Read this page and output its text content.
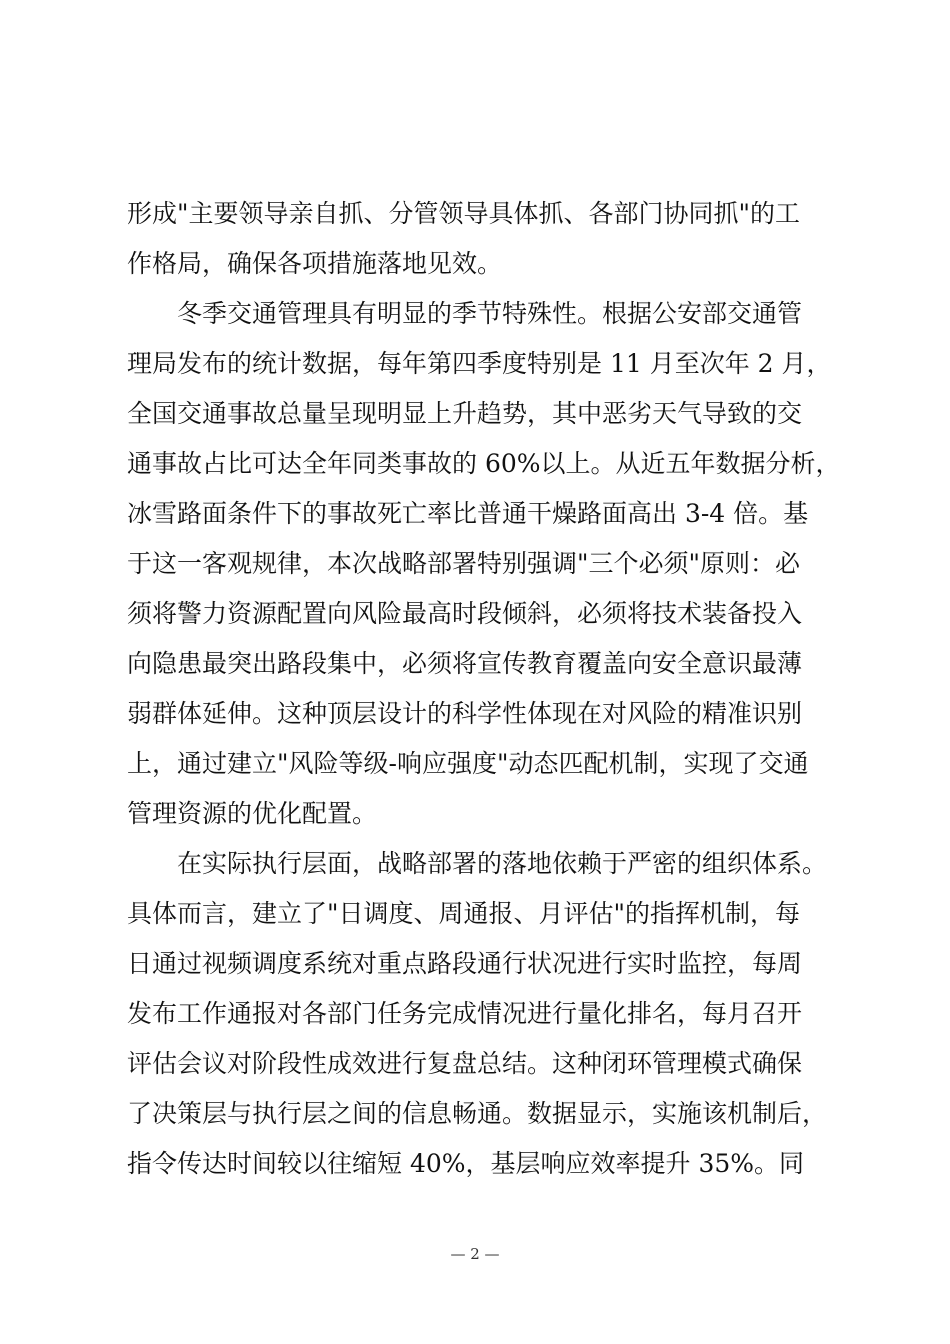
形成"主要领导亲自抓、分管领导具体抓、各部门协同抓"的工
作格局，确保各项措施落地见效。
冬季交通管理具有明显的季节特殊性。根据公安部交通管
理局发布的统计数据，每年第四季度特别是 11 月至次年 2 月，
全国交通事故总量呈现明显上升趋势，其中恶劣天气导致的交
通事故占比可达全年同类事故的 60%以上。从近五年数据分析，
冰雪路面条件下的事故死亡率比普通干燥路面高出 3-4 倍。基
于这一客观规律，本次战略部署特别强调"三个必须"原则：必
须将警力资源配置向风险最高时段倾斜，必须将技术装备投入
向隐患最突出路段集中，必须将宣传教育覆盖向安全意识最薄
弱群体延伸。这种顶层设计的科学性体现在对风险的精准识别
上，通过建立"风险等级-响应强度"动态匹配机制，实现了交通
管理资源的优化配置。
在实际执行层面，战略部署的落地依赖于严密的组织体系。
具体而言，建立了"日调度、周通报、月评估"的指挥机制，每
日通过视频调度系统对重点路段通行状况进行实时监控，每周
发布工作通报对各部门任务完成情况进行量化排名，每月召开
评估会议对阶段性成效进行复盘总结。这种闭环管理模式确保
了决策层与执行层之间的信息畅通。数据显示，实施该机制后，
指令传达时间较以往缩短 40%，基层响应效率提升 35%。同
— 2 —
